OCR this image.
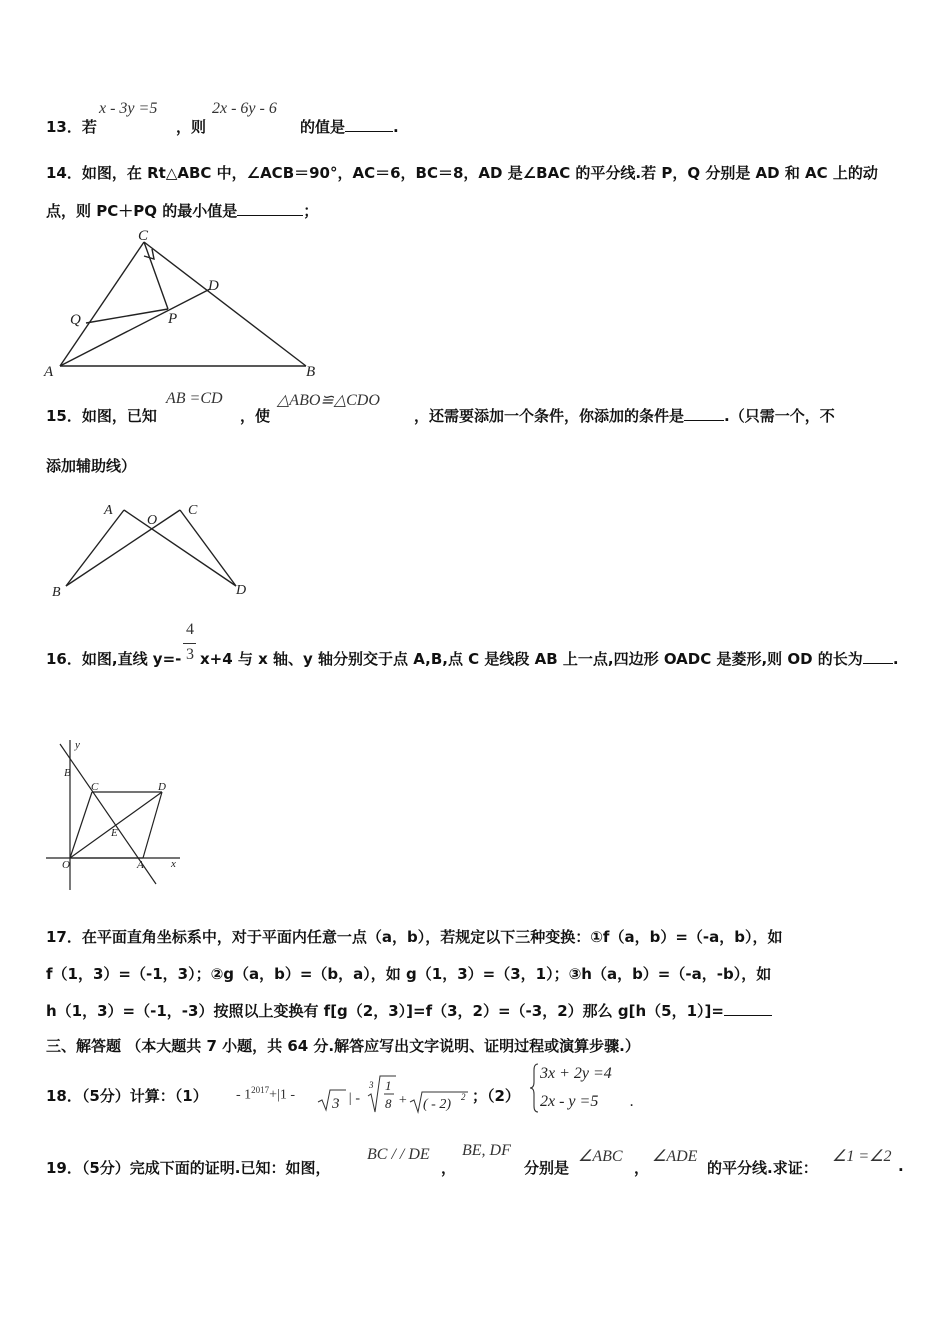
13．若
x - 3y =5
，则
2x - 6y - 6
的值是	.
14．如图，在 Rt△ABC 中，∠ACB＝90°，AC＝6，BC＝8，AD 是∠BAC 的平分线.若 P，Q 分别是 AD 和 AC 上的动
点，则 PC＋PQ 的最小值是	；
C
D
Q	P
A	B
15．如图，已知
AB =CD
，使
△ABO≌△CDO
，还需要添加一个条件，你添加的条件是	.（只需一个，不
添加辅助线）
A
O
C
B	D
16．如图,直线 y=-
4
3 x+4 与 x 轴、y 轴分别交于点 A,B,点 C 是线段 AB 上一点,四边形 OADC 是菱形,则 OD 的长为 .
y
B
C	D
E
O	A x
17．在平面直角坐标系中，对于平面内任意一点（a，b），若规定以下三种变换：①f（a，b）=（-a，b），如
f（1，3）=（-1，3）；②g（a，b）=（b，a），如 g（1，3）=（3，1）；③h（a，b）=（-a，-b），如
h（1，3）=（-1，-3）按照以上变换有 f[g（2，3）]=f（3，2）=（-3，2）那么 g[h（5，1）]=
三、解答题 （本大题共 7 小题，共 64 分.解答应写出文字说明、证明过程或演算步骤.）
18．（5分）计算：$(1) - 1^{2017}+|1$ -
3 | -
3 1
8 + ( - 2) 2 ；（2）
3x + 2y =4
2x - y =5 .
19．（5分）完成下面的证明.已知：如图，
BC / / DE
，
BE, DF
分别是
∠ABC
，
∠ADE
的平分线.求证：
∠1 =∠2
.
